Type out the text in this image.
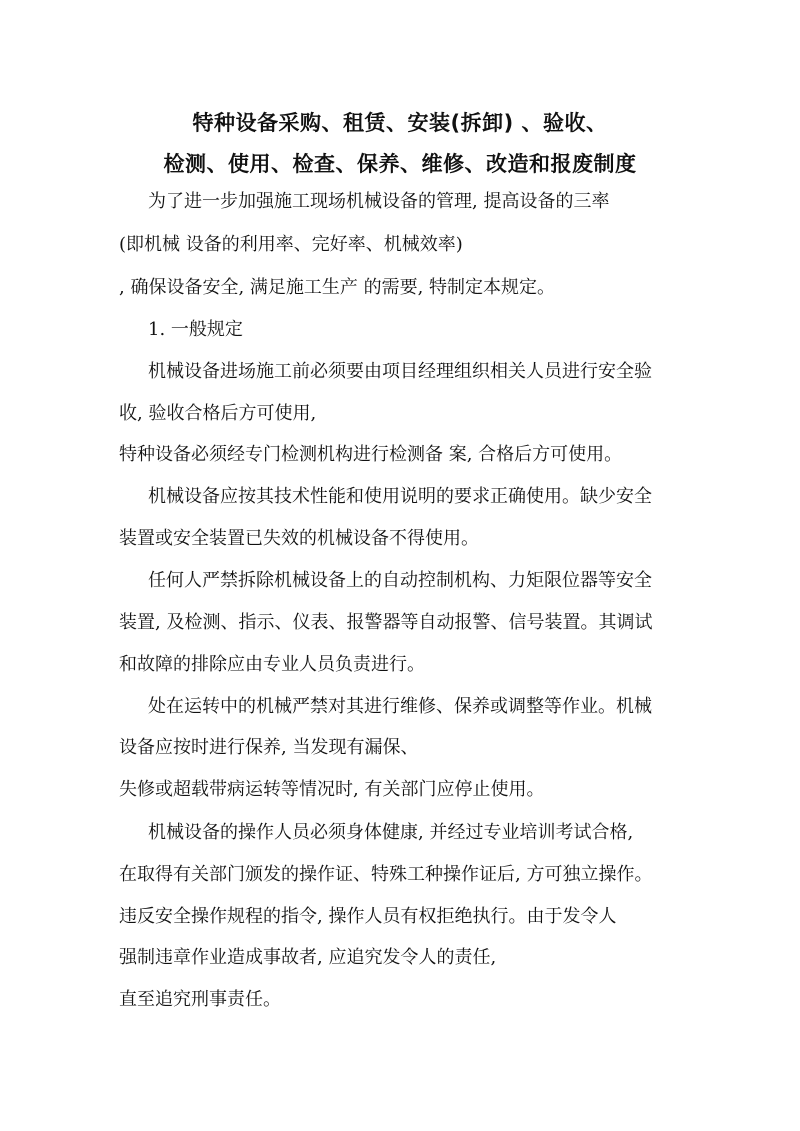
特种设备采购、租赁、安装(拆卸) 、验收、
检测、使用、检查、保养、维修、改造和报废制度
为了进一步加强施工现场机械设备的管理, 提高设备的三率
(即机械 设备的利用率、完好率、机械效率)
, 确保设备安全, 满足施工生产 的需要, 特制定本规定。
1. 一般规定
机械设备进场施工前必须要由项目经理组织相关人员进行安全验
收, 验收合格后方可使用,
特种设备必须经专门检测机构进行检测备 案, 合格后方可使用。
机械设备应按其技术性能和使用说明的要求正确使用。缺少安全
装置或安全装置已失效的机械设备不得使用。
任何人严禁拆除机械设备上的自动控制机构、力矩限位器等安全
装置, 及检测、指示、仪表、报警器等自动报警、信号装置。其调试
和故障的排除应由专业人员负责进行。
处在运转中的机械严禁对其进行维修、保养或调整等作业。机械
设备应按时进行保养, 当发现有漏保、
失修或超载带病运转等情况时, 有关部门应停止使用。
机械设备的操作人员必须身体健康, 并经过专业培训考试合格,
在取得有关部门颁发的操作证、特殊工种操作证后, 方可独立操作。
违反安全操作规程的指令, 操作人员有权拒绝执行。由于发令人
强制违章作业造成事故者, 应追究发令人的责任,
直至追究刑事责任。
